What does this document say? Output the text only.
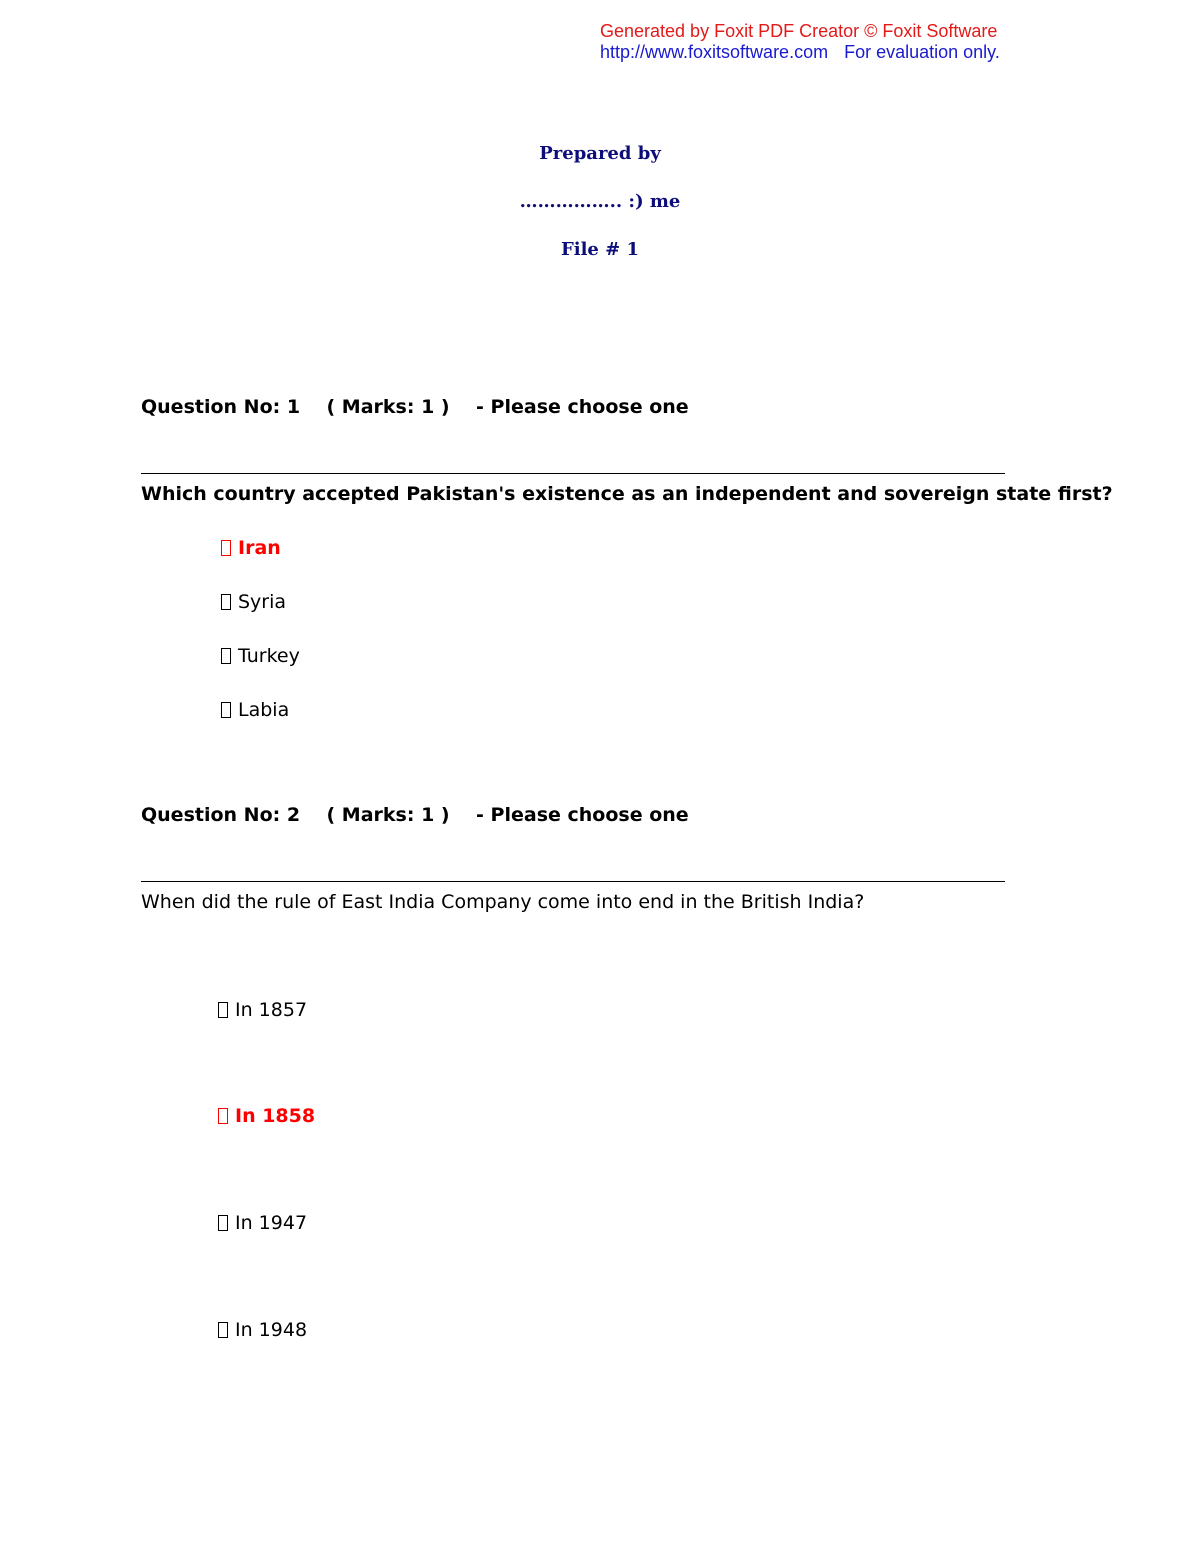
Generated by Foxit PDF Creator © Foxit Software
http://www.foxitsoftware.com For evaluation only.
Prepared by
…………….. :) me
File # 1
Question No: 1    ( Marks: 1 )    - Please choose one
Which country accepted Pakistan's existence as an independent and sovereign state first?
Iran
Syria
Turkey
Labia
Question No: 2    ( Marks: 1 )    - Please choose one
When did the rule of East India Company come into end in the British India?
In 1857
In 1858
In 1947
In 1948
